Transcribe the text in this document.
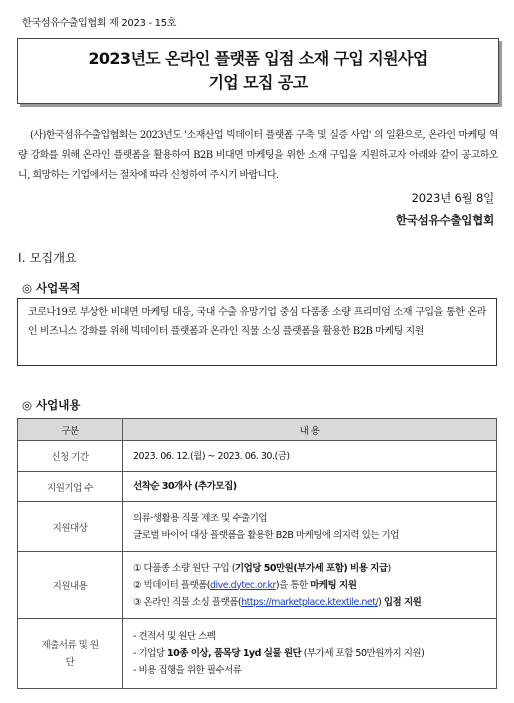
한국섬유수출입협회 제 2023 - 15호
2023년도 온라인 플랫폼 입점 소재 구입 지원사업
기업 모집 공고

(사)한국섬유수출입협회는 2023년도 '소재산업 빅데이터 플랫폼 구축 및 실증 사업' 의 일환으로, 온라인 마케팅 역량 강화를 위해 온라인 플랫폼을 활용하여 B2B 비대면 마케팅을 위한 소재 구입을 지원하고자 아래와 같이 공고하오니, 희망하는 기업에서는 절차에 따라 신청하여 주시기 바랍니다.

2023년 6월 8일
한국섬유수출입협회
Ⅰ. 모집개요
◎ 사업목적
코로나19로 부상한 비대면 마케팅 대응, 국내 수출 유망기업 중심 다품종 소량 프리미엄 소재 구입을 통한 온라인 비즈니스 강화를 위해 빅데이터 플랫폼과 온라인 직물 소싱 플랫폼을 활용한 B2B 마케팅 지원
◎ 사업내용
구분	내 용
신청 기간	2023. 06. 12.(월) ~ 2023. 06. 30.(금)
지원기업 수	선착순 30개사 (추가모집)
지원대상	의류·생활용 직물 제조 및 수출기업
글로벌 바이어 대상 플랫폼을 활용한 B2B 마케팅에 의지력 있는 기업

지원내용	① 다품종 소량 원단 구입 (기업당 50만원(부가세 포함) 비용 지급)
② 빅데이터 플랫폼(dive.dytec.or.kr)을 통한 마케팅 지원
③ 온라인 직물 소싱 플랫폼(https://marketplace.ktextile.net/) 입점 지원

제출서류 및 원단	- 견적서 및 원단 스펙
- 기업당 10종 이상, 품목당 1yd 실물 원단 (부가세 포함 50만원까지 지원)
- 비용 집행을 위한 필수서류
